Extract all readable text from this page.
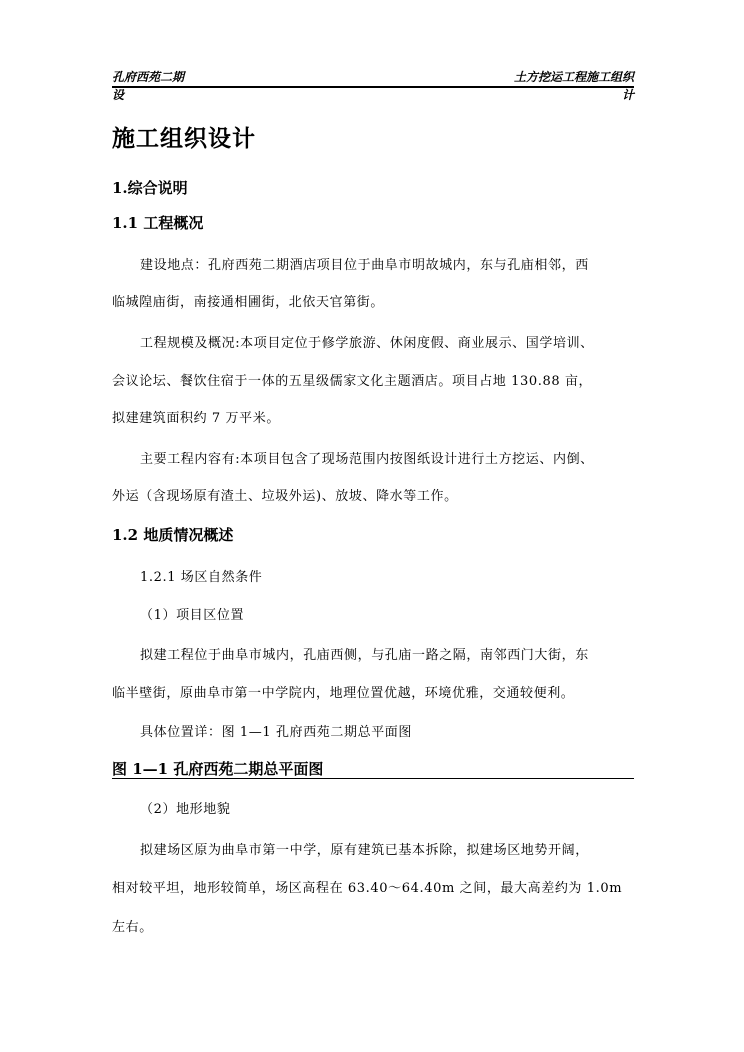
孔府西苑二期	土方挖运工程施工组织
设	计
施工组织设计
1.综合说明
1.1 工程概况
建设地点：孔府西苑二期酒店项目位于曲阜市明故城内，东与孔庙相邻，西
临城隍庙街，南接通相圃街，北依天官第街。
工程规模及概况:本项目定位于修学旅游、休闲度假、商业展示、国学培训、
会议论坛、餐饮住宿于一体的五星级儒家文化主题酒店。项目占地 130.88 亩，
拟建建筑面积约 7 万平米。
主要工程内容有:本项目包含了现场范围内按图纸设计进行土方挖运、内倒、
外运（含现场原有渣土、垃圾外运)、放坡、降水等工作。
1.2 地质情况概述
1.2.1 场区自然条件
（1）项目区位置
拟建工程位于曲阜市城内，孔庙西侧，与孔庙一路之隔，南邻西门大街，东
临半壁街，原曲阜市第一中学院内，地理位置优越，环境优雅，交通较便利。
具体位置详：图 1—1 孔府西苑二期总平面图
图 1—1 孔府西苑二期总平面图
（2）地形地貌
拟建场区原为曲阜市第一中学，原有建筑已基本拆除，拟建场区地势开阔，
相对较平坦，地形较简单，场区高程在 63.40～64.40m 之间，最大高差约为 1.0m
左右。
